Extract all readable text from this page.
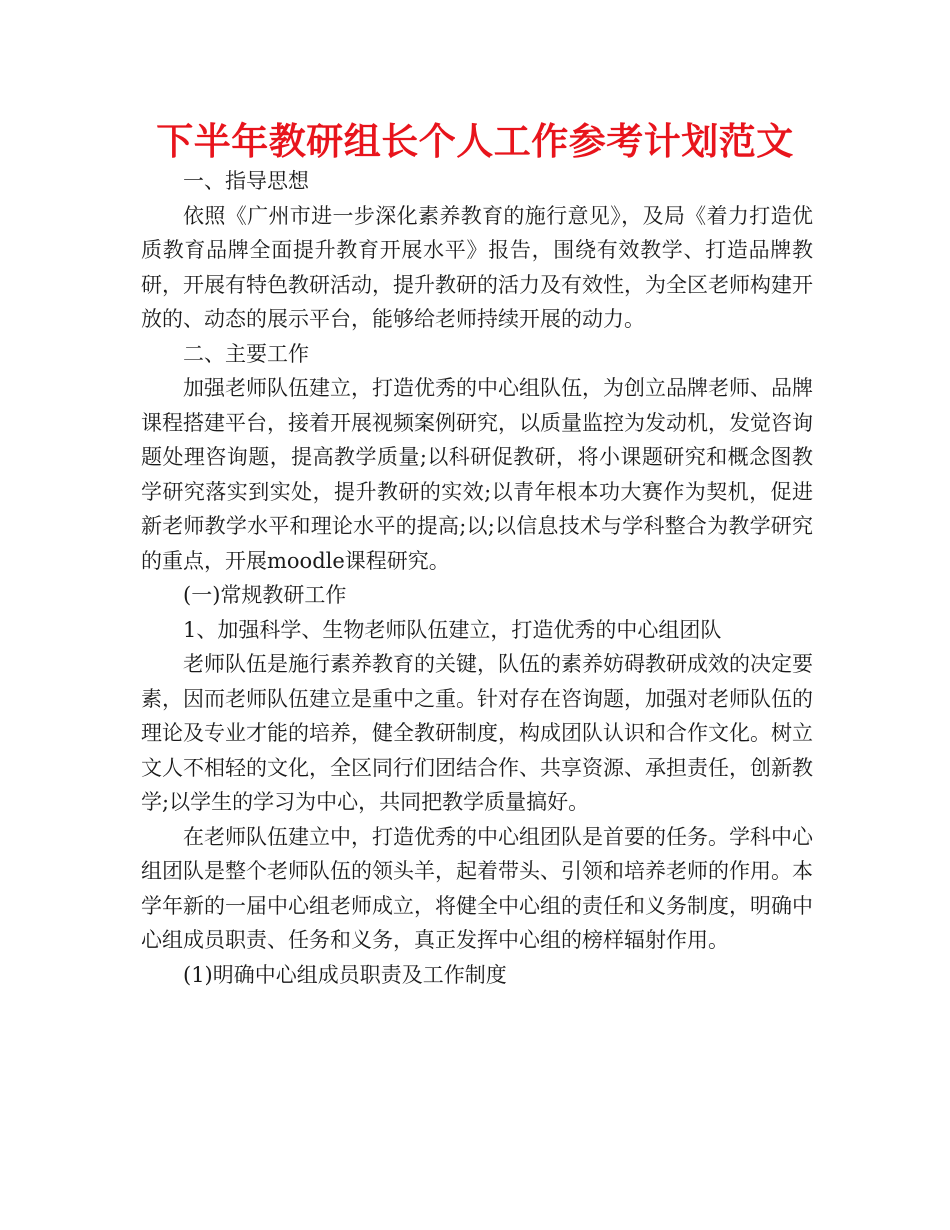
下半年教研组长个人工作参考计划范文

一、指导思想

依照《广州市进一步深化素养教育的施行意见》，及局《着力打造优质教育品牌全面提升教育开展水平》报告，围绕有效教学、打造品牌教研，开展有特色教研活动，提升教研的活力及有效性，为全区老师构建开放的、动态的展示平台，能够给老师持续开展的动力。

二、主要工作

加强老师队伍建立，打造优秀的中心组队伍，为创立品牌老师、品牌课程搭建平台，接着开展视频案例研究，以质量监控为发动机，发觉咨询题处理咨询题，提高教学质量;以科研促教研，将小课题研究和概念图教学研究落实到实处，提升教研的实效;以青年根本功大赛作为契机，促进新老师教学水平和理论水平的提高;以;以信息技术与学科整合为教学研究的重点，开展moodle课程研究。

(一)常规教研工作

1、加强科学、生物老师队伍建立，打造优秀的中心组团队

老师队伍是施行素养教育的关键，队伍的素养妨碍教研成效的决定要素，因而老师队伍建立是重中之重。针对存在咨询题，加强对老师队伍的理论及专业才能的培养，健全教研制度，构成团队认识和合作文化。树立文人不相轻的文化，全区同行们团结合作、共享资源、承担责任，创新教学;以学生的学习为中心，共同把教学质量搞好。

在老师队伍建立中，打造优秀的中心组团队是首要的任务。学科中心组团队是整个老师队伍的领头羊，起着带头、引领和培养老师的作用。本学年新的一届中心组老师成立，将健全中心组的责任和义务制度，明确中心组成员职责、任务和义务，真正发挥中心组的榜样辐射作用。

(1)明确中心组成员职责及工作制度
